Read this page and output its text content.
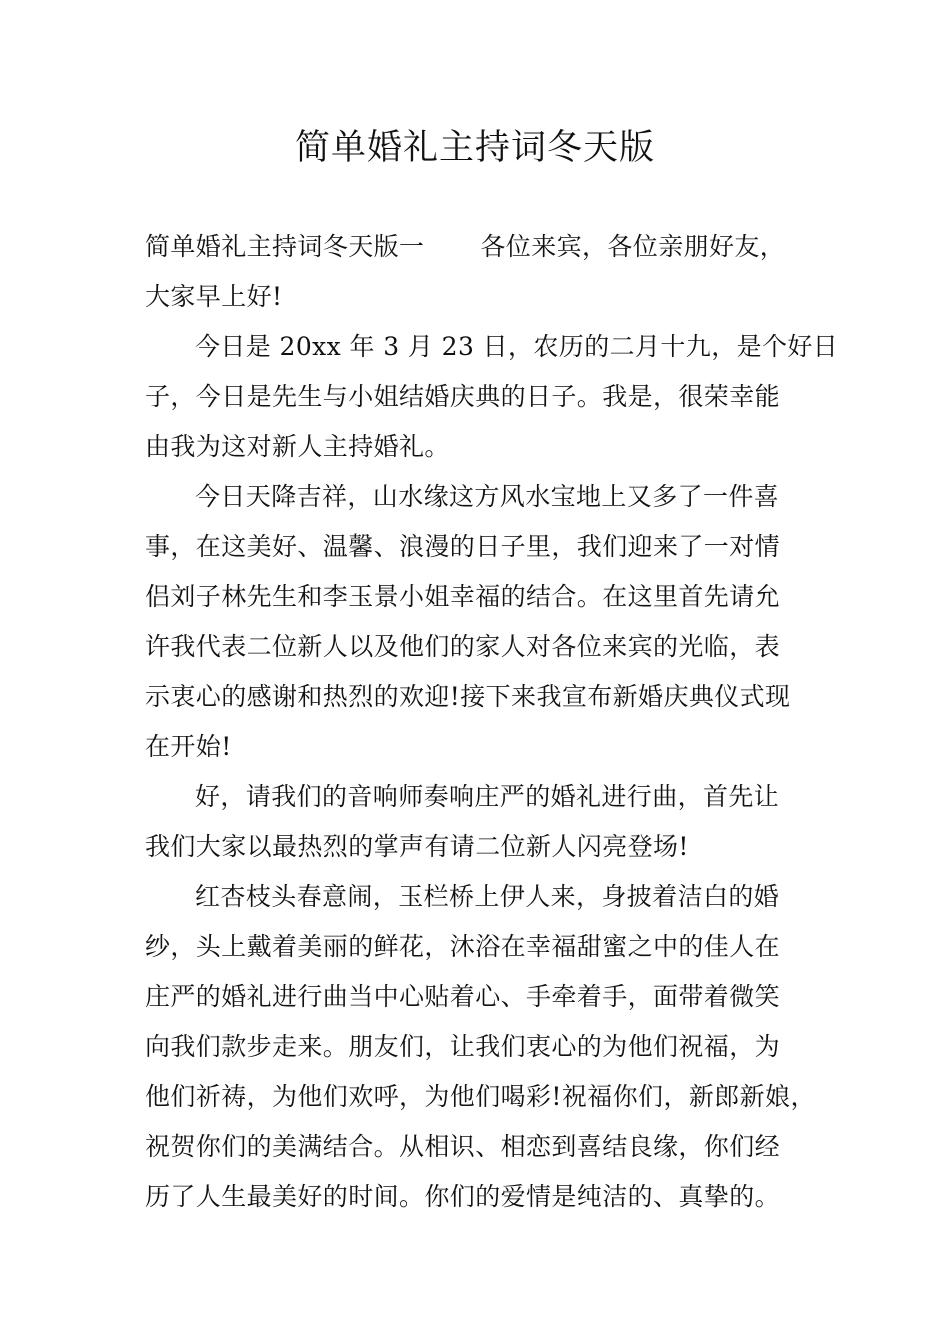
简单婚礼主持词冬天版
简单婚礼主持词冬天版一 各位来宾，各位亲朋好友，
大家早上好!
今日是 20xx 年 3 月 23 日，农历的二月十九，是个好日
子，今日是先生与小姐结婚庆典的日子。我是，很荣幸能
由我为这对新人主持婚礼。
今日天降吉祥，山水缘这方风水宝地上又多了一件喜
事，在这美好、温馨、浪漫的日子里，我们迎来了一对情
侣刘子林先生和李玉景小姐幸福的结合。在这里首先请允
许我代表二位新人以及他们的家人对各位来宾的光临，表
示衷心的感谢和热烈的欢迎!接下来我宣布新婚庆典仪式现
在开始!
好，请我们的音响师奏响庄严的婚礼进行曲，首先让
我们大家以最热烈的掌声有请二位新人闪亮登场!
红杏枝头春意闹，玉栏桥上伊人来，身披着洁白的婚
纱，头上戴着美丽的鲜花，沐浴在幸福甜蜜之中的佳人在
庄严的婚礼进行曲当中心贴着心、手牵着手，面带着微笑
向我们款步走来。朋友们，让我们衷心的为他们祝福，为
他们祈祷，为他们欢呼，为他们喝彩!祝福你们，新郎新娘，
祝贺你们的美满结合。从相识、相恋到喜结良缘，你们经
历了人生最美好的时间。你们的爱情是纯洁的、真挚的。
